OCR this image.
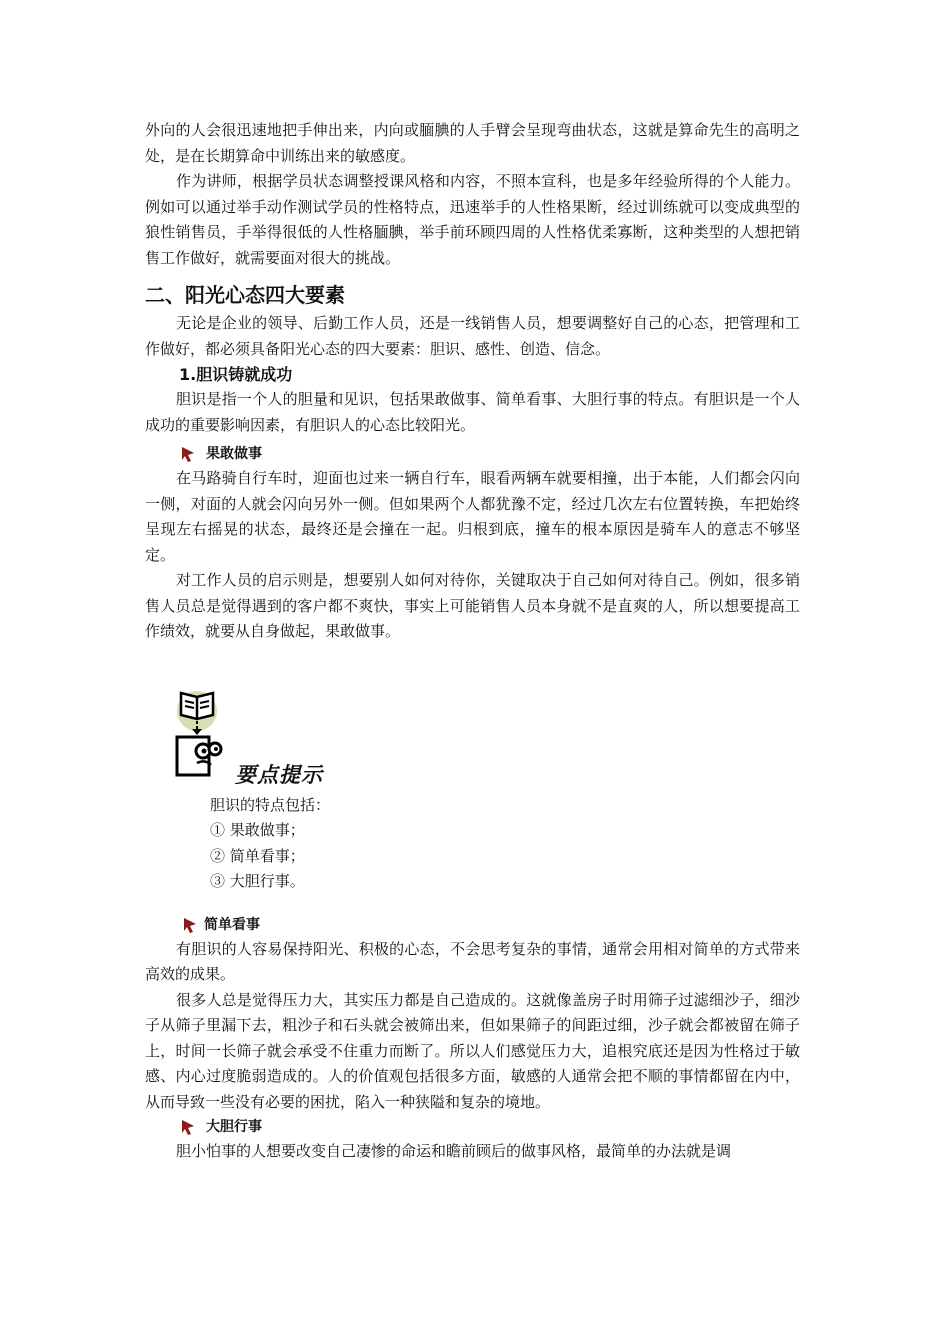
外向的人会很迅速地把手伸出来，内向或腼腆的人手臂会呈现弯曲状态，这就是算命先生的高明之处，是在长期算命中训练出来的敏感度。

作为讲师，根据学员状态调整授课风格和内容，不照本宣科，也是多年经验所得的个人能力。例如可以通过举手动作测试学员的性格特点，迅速举手的人性格果断，经过训练就可以变成典型的狼性销售员，手举得很低的人性格腼腆，举手前环顾四周的人性格优柔寡断，这种类型的人想把销售工作做好，就需要面对很大的挑战。

二、阳光心态四大要素

无论是企业的领导、后勤工作人员，还是一线销售人员，想要调整好自己的心态，把管理和工作做好，都必须具备阳光心态的四大要素：胆识、感性、创造、信念。

1.胆识铸就成功

胆识是指一个人的胆量和见识，包括果敢做事、简单看事、大胆行事的特点。有胆识是一个人成功的重要影响因素，有胆识人的心态比较阳光。

果敢做事

在马路骑自行车时，迎面也过来一辆自行车，眼看两辆车就要相撞，出于本能，人们都会闪向一侧，对面的人就会闪向另外一侧。但如果两个人都犹豫不定，经过几次左右位置转换，车把始终呈现左右摇晃的状态，最终还是会撞在一起。归根到底，撞车的根本原因是骑车人的意志不够坚定。

对工作人员的启示则是，想要别人如何对待你，关键取决于自己如何对待自己。例如，很多销售人员总是觉得遇到的客户都不爽快，事实上可能销售人员本身就不是直爽的人，所以想要提高工作绩效，就要从自身做起，果敢做事。

要点提示
胆识的特点包括：
① 果敢做事；
② 简单看事；
③ 大胆行事。
简单看事

有胆识的人容易保持阳光、积极的心态，不会思考复杂的事情，通常会用相对简单的方式带来高效的成果。

很多人总是觉得压力大，其实压力都是自己造成的。这就像盖房子时用筛子过滤细沙子，细沙子从筛子里漏下去，粗沙子和石头就会被筛出来，但如果筛子的间距过细，沙子就会都被留在筛子上，时间一长筛子就会承受不住重力而断了。所以人们感觉压力大，追根究底还是因为性格过于敏感、内心过度脆弱造成的。人的价值观包括很多方面，敏感的人通常会把不顺的事情都留在内中，从而导致一些没有必要的困扰，陷入一种狭隘和复杂的境地。

大胆行事

胆小怕事的人想要改变自己凄惨的命运和瞻前顾后的做事风格，最简单的办法就是调
